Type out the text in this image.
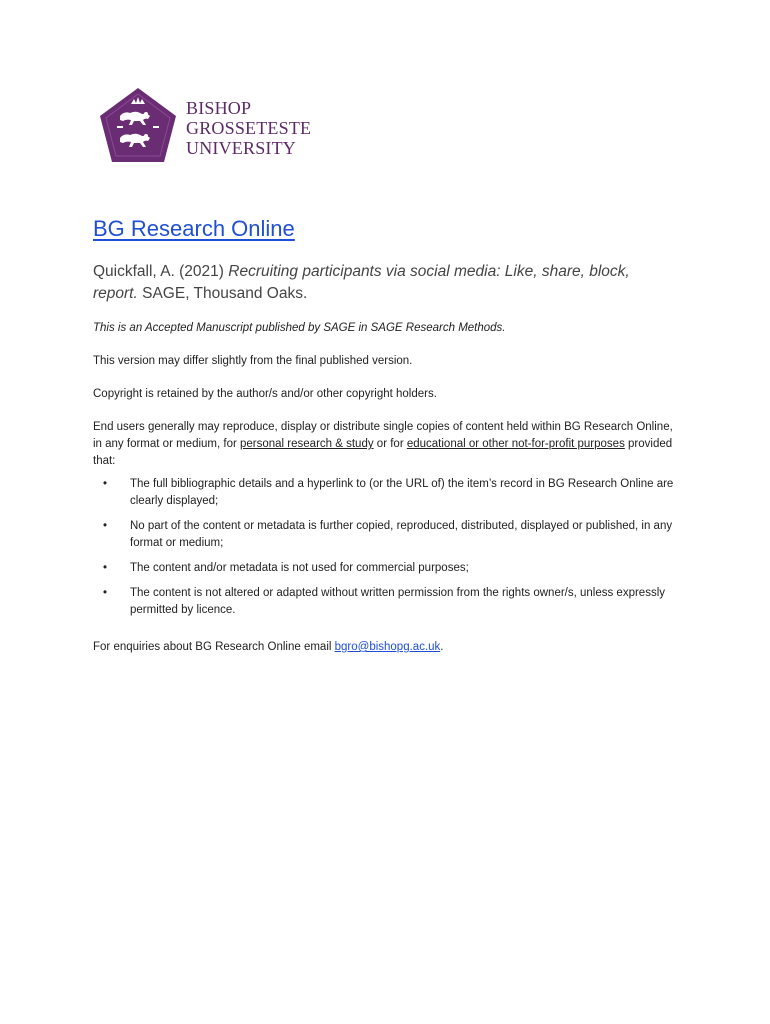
BISHOP
GROSSETESTE
UNIVERSITY
BG Research Online
Quickfall, A. (2021) Recruiting participants via social media: Like, share, block,
report. SAGE, Thousand Oaks.
This is an Accepted Manuscript published by SAGE in SAGE Research Methods.
This version may differ slightly from the final published version.
Copyright is retained by the author/s and/or other copyright holders.
End users generally may reproduce, display or distribute single copies of content held within BG Research Online, in any format or medium, for personal research & study or for educational or other not-for-profit purposes provided that:
• The full bibliographic details and a hyperlink to (or the URL of) the item’s record in BG Research Online are clearly displayed;
• No part of the content or metadata is further copied, reproduced, distributed, displayed or published, in any format or medium;
• The content and/or metadata is not used for commercial purposes;
• The content is not altered or adapted without written permission from the rights owner/s, unless expressly permitted by licence.
For enquiries about BG Research Online email bgro@bishopg.ac.uk.
